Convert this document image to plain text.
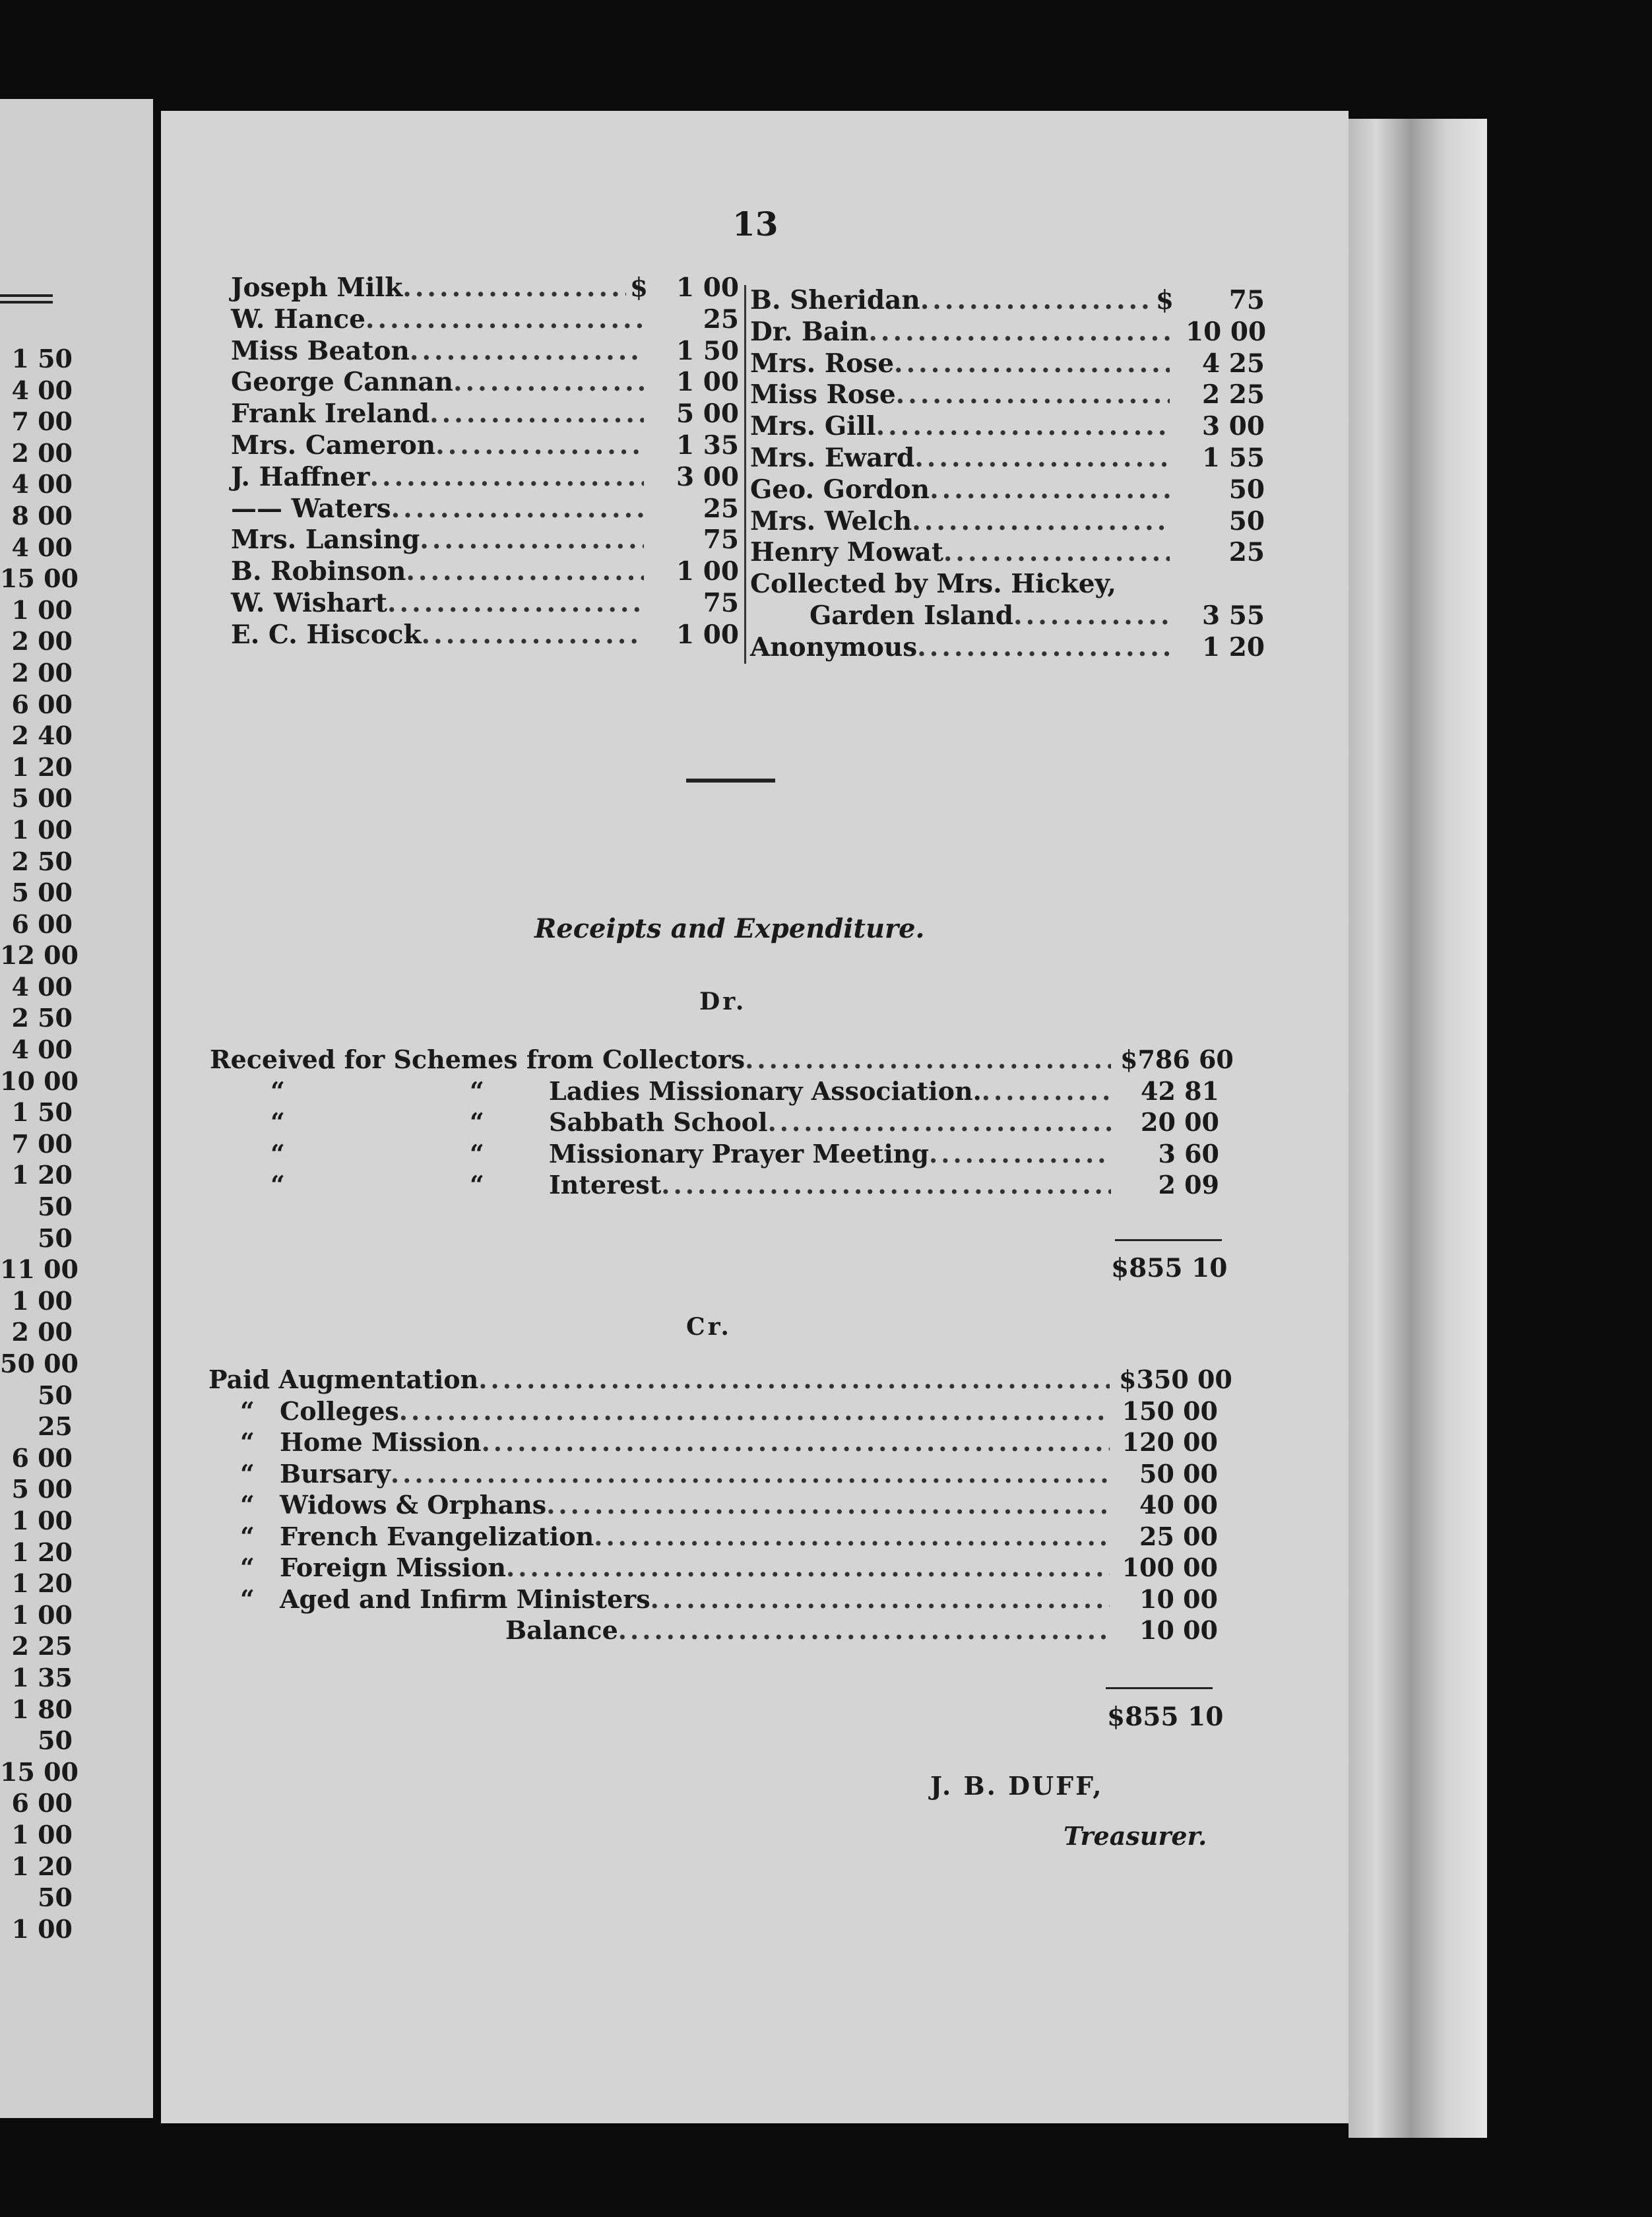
1 50
4 00
7 00
2 00
4 00
8 00
4 00
15 00
1 00
2 00
2 00
6 00
2 40
1 20
5 00
1 00
2 50
5 00
6 00
12 00
4 00
2 50
4 00
10 00
1 50
7 00
1 20
50
50
11 00
1 00
2 00
50 00
50
25
6 00
5 00
1 00
1 20
1 20
1 00
2 25
1 35
1 80
50
15 00
6 00
1 00
1 20
50
1 00
13
Joseph Milk .....	$	1 00
W. Hance .....	25
Miss Beaton .....	1 50
George Cannan .....	1 00
Frank Ireland .....	5 00
Mrs. Cameron .....	1 35
J. Haffner .....	3 00
—— Waters .....	25
Mrs. Lansing .....	75
B. Robinson .....	1 00
W. Wishart .....	75
E. C. Hiscock .....	1 00
B. Sheridan .....	$	75
Dr. Bain .....	10 00
Mrs. Rose .....	4 25
Miss Rose .....	2 25
Mrs. Gill .....	3 00
Mrs. Eward .....	1 55
Geo. Gordon .....	50
Mrs. Welch .....	50
Henry Mowat .....	25
Collected by Mrs. Hickey,
Garden Island .....	3 55
Anonymous .....	1 20
Receipts and Expenditure.
Dr.
Received for Schemes from Collectors .....	$786 60
“	“	Ladies Missionary Association. .....	42 81
“	“	Sabbath School .....	20 00
“	“	Missionary Prayer Meeting .....	3 60
“	“	Interest .....	2 09
$855 10
Cr.
Paid Augmentation .....	$350 00
“ Colleges .....	150 00
“ Home Mission .....	120 00
“ Bursary .....	50 00
“ Widows & Orphans .....	40 00
“ French Evangelization .....	25 00
“ Foreign Mission .....	100 00
“ Aged and Infirm Ministers .....	10 00
Balance .....	10 00
$855 10
J. B. DUFF,
Treasurer.
